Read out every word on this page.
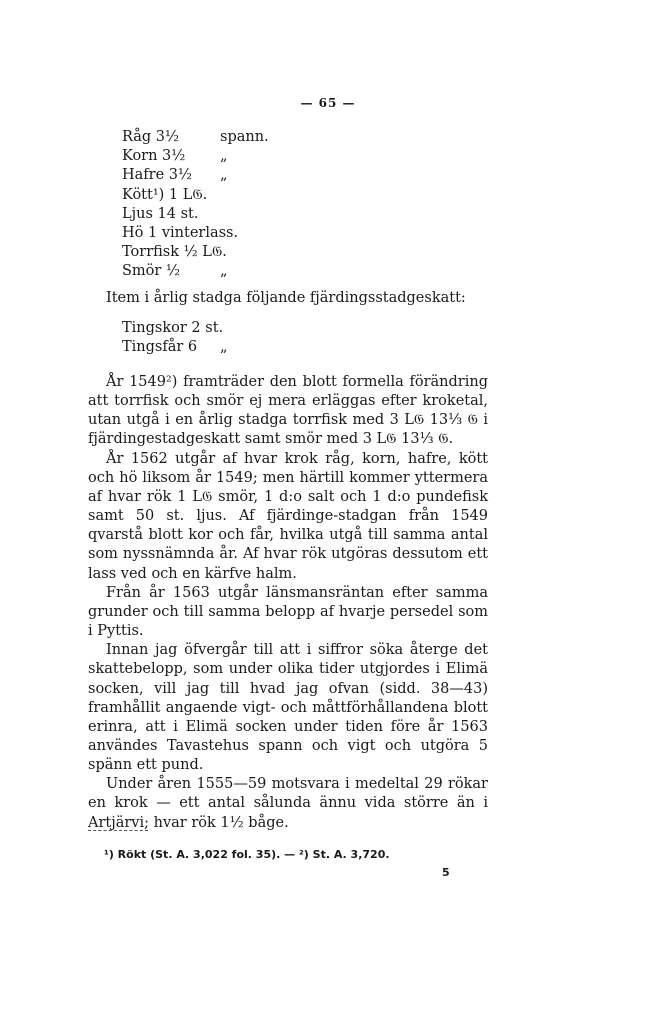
— 65 —
Råg 3½	spann.
Korn 3½	„
Hafre 3½	„
Kött¹) 1 L𝔊.
Ljus 14 st.
Hö 1 vinterlass.
Torrfisk ½ L𝔊.
Smör ½	„
Item i årlig stadga följande fjärdingsstadgeskatt:
Tingskor 2 st.
Tingsfår 6	„

År 1549²) framträder den blott formella förändring att torrfisk och smör ej mera erläggas efter kroketal, utan utgå i en årlig stadga torrfisk med 3 L𝔊 13⅓ 𝔊 i fjärdingestadgeskatt samt smör med 3 L𝔊 13⅓ 𝔊.

År 1562 utgår af hvar krok råg, korn, hafre, kött och hö liksom år 1549; men härtill kommer yttermera af hvar rök 1 L𝔊 smör, 1 d:o salt och 1 d:o pundefisk samt 50 st. ljus. Af fjärdinge-stadgan från 1549 qvarstå blott kor och får, hvilka utgå till samma antal som nyssnämnda år. Af hvar rök utgöras dessutom ett lass ved och en kärfve halm.

Från år 1563 utgår länsmansräntan efter samma grunder och till samma belopp af hvarje persedel som i Pyttis.

Innan jag öfvergår till att i siffror söka återge det skattebelopp, som under olika tider utgjordes i Elimä socken, vill jag till hvad jag ofvan (sidd. 38—43) framhållit angaende vigt- och måttförhållandena blott erinra, att i Elimä socken under tiden före år 1563 användes Tavastehus spann och vigt och utgöra 5 spänn ett pund.

Under åren 1555—59 motsvara i medeltal 29 rökar en krok — ett antal sålunda ännu vida större än i Artjärvi; hvar rök 1½ båge.

¹) Rökt (St. A. 3,022 fol. 35). — ²) St. A. 3,720.
5
